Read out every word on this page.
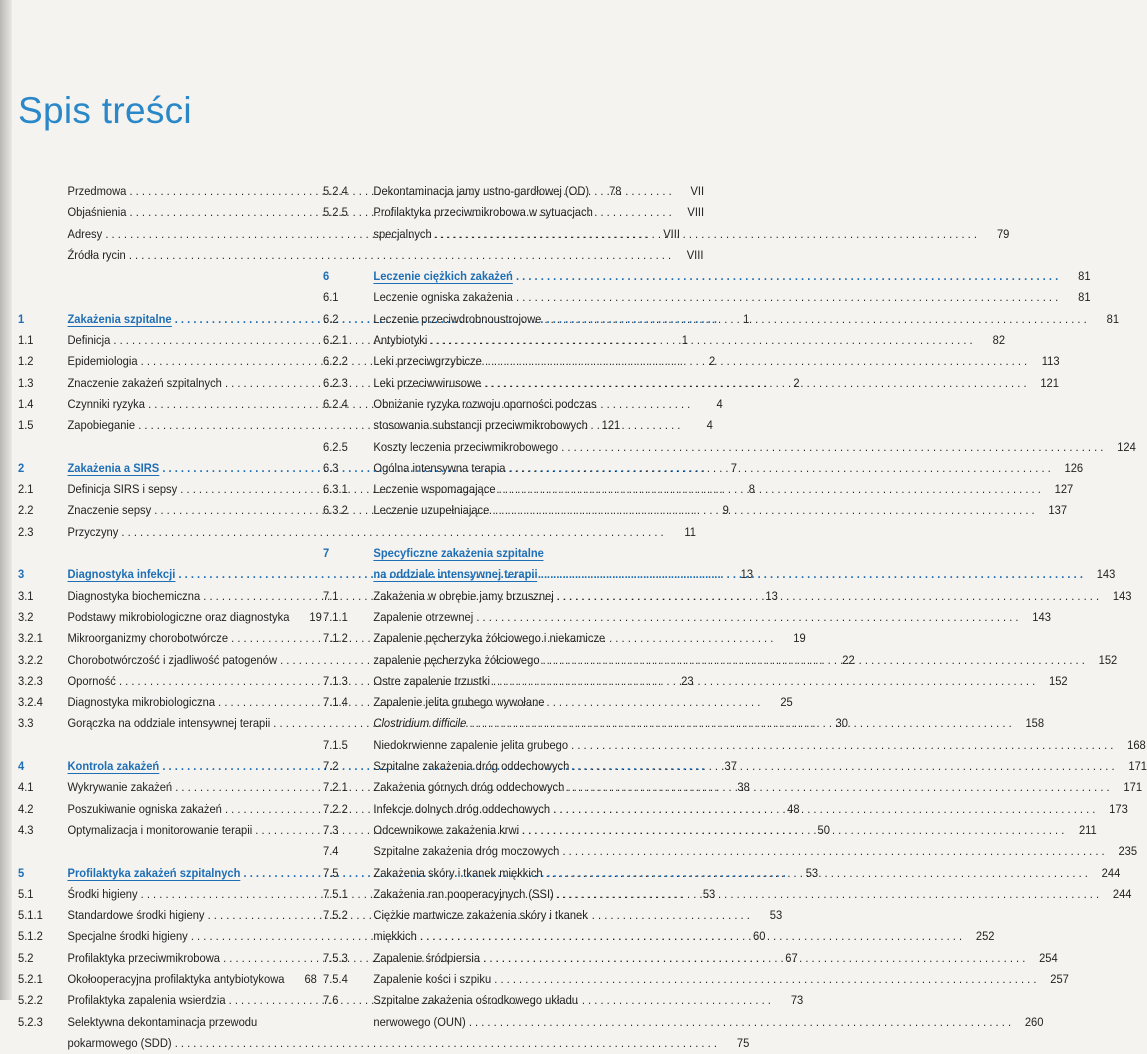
Spis treści
Przedmowa . . .	VII
Objaśnienia . . .	VIII
Adresy . . .	VIII
Źródła rycin . . .	VIII
1	Zakażenia szpitalne . . .	1
1.1	Definicja . . .	1
1.2	Epidemiologia . . .	2
1.3	Znaczenie zakażeń szpitalnych . . .	2
1.4	Czynniki ryzyka . . .	4
1.5	Zapobieganie . . .	4
2	Zakażenia a SIRS . . .	7
2.1	Definicja SIRS i sepsy . . .	8
2.2	Znaczenie sepsy . . .	9
2.3	Przyczyny . . .	11
3	Diagnostyka infekcji . . .	13
3.1	Diagnostyka biochemiczna . . .	13
3.2	Podstawy mikrobiologiczne oraz diagnostyka	19
3.2.1	Mikroorganizmy chorobotwórcze . . .	19
3.2.2	Chorobotwórczość i zjadliwość patogenów . . .	22
3.2.3	Oporność . . .	23
3.2.4	Diagnostyka mikrobiologiczna . . .	25
3.3	Gorączka na oddziale intensywnej terapii . . .	30
4	Kontrola zakażeń . . .	37
4.1	Wykrywanie zakażeń . . .	38
4.2	Poszukiwanie ogniska zakażeń . . .	48
4.3	Optymalizacja i monitorowanie terapii . . .	50
5	Profilaktyka zakażeń szpitalnych . . .	53
5.1	Środki higieny . . .	53
5.1.1	Standardowe środki higieny . . .	53
5.1.2	Specjalne środki higieny . . .	60
5.2	Profilaktyka przeciwmikrobowa . . .	67
5.2.1	Okołooperacyjna profilaktyka antybiotykowa	68
5.2.2	Profilaktyka zapalenia wsierdzia . . .	73
5.2.3	Selektywna dekontaminacja przewodu
pokarmowego (SDD) . . .	75
5.2.4	Dekontaminacja jamy ustno-gardłowej (OD)	78
5.2.5	Profilaktyka przeciwmikrobowa w sytuacjach
specjalnych . . .	79
6	Leczenie ciężkich zakażeń . . .	81
6.1	Leczenie ogniska zakażenia . . .	81
6.2	Leczenie przeciwdrobnoustrojowe . . .	81
6.2.1	Antybiotyki . . .	82
6.2.2	Leki przeciwgrzybicze . . .	113
6.2.3	Leki przeciwwirusowe . . .	121
6.2.4	Obniżanie ryzyka rozwoju oporności podczas
stosowania substancji przeciwmikrobowych	121
6.2.5	Koszty leczenia przeciwmikrobowego . . .	124
6.3	Ogólna intensywna terapia . . .	126
6.3.1	Leczenie wspomagające . . .	127
6.3.2	Leczenie uzupełniające . . .	137
7	Specyficzne zakażenia szpitalne
na oddziale intensywnej terapii . . .	143
7.1	Zakażenia w obrębie jamy brzusznej . . .	143
7.1.1	Zapalenie otrzewnej . . .	143
7.1.2	Zapalenie pęcherzyka żółciowego i niekamicze
zapalenie pęcherzyka żółciowego . . .	152
7.1.3	Ostre zapalenie trzustki . . .	152
7.1.4	Zapalenie jelita grubego wywołane
Clostridium difficile . . .	158
7.1.5	Niedokrwienne zapalenie jelita grubego . . .	168
7.2	Szpitalne zakażenia dróg oddechowych . . .	171
7.2.1	Zakażenia górnych dróg oddechowych . . .	171
7.2.2	Infekcje dolnych dróg oddechowych . . .	173
7.3	Odcewnikowe zakażenia krwi . . .	211
7.4	Szpitalne zakażenia dróg moczowych . . .	235
7.5	Zakażenia skóry i tkanek miękkich . . .	244
7.5.1	Zakażenia ran pooperacyjnych (SSI) . . .	244
7.5.2	Ciężkie martwicze zakażenia skóry i tkanek
miękkich . . .	252
7.5.3	Zapalenie śródpiersia . . .	254
7.5.4	Zapalenie kości i szpiku . . .	257
7.6	Szpitalne zakażenia ośrodkowego układu
nerwowego (OUN) . . .	260
